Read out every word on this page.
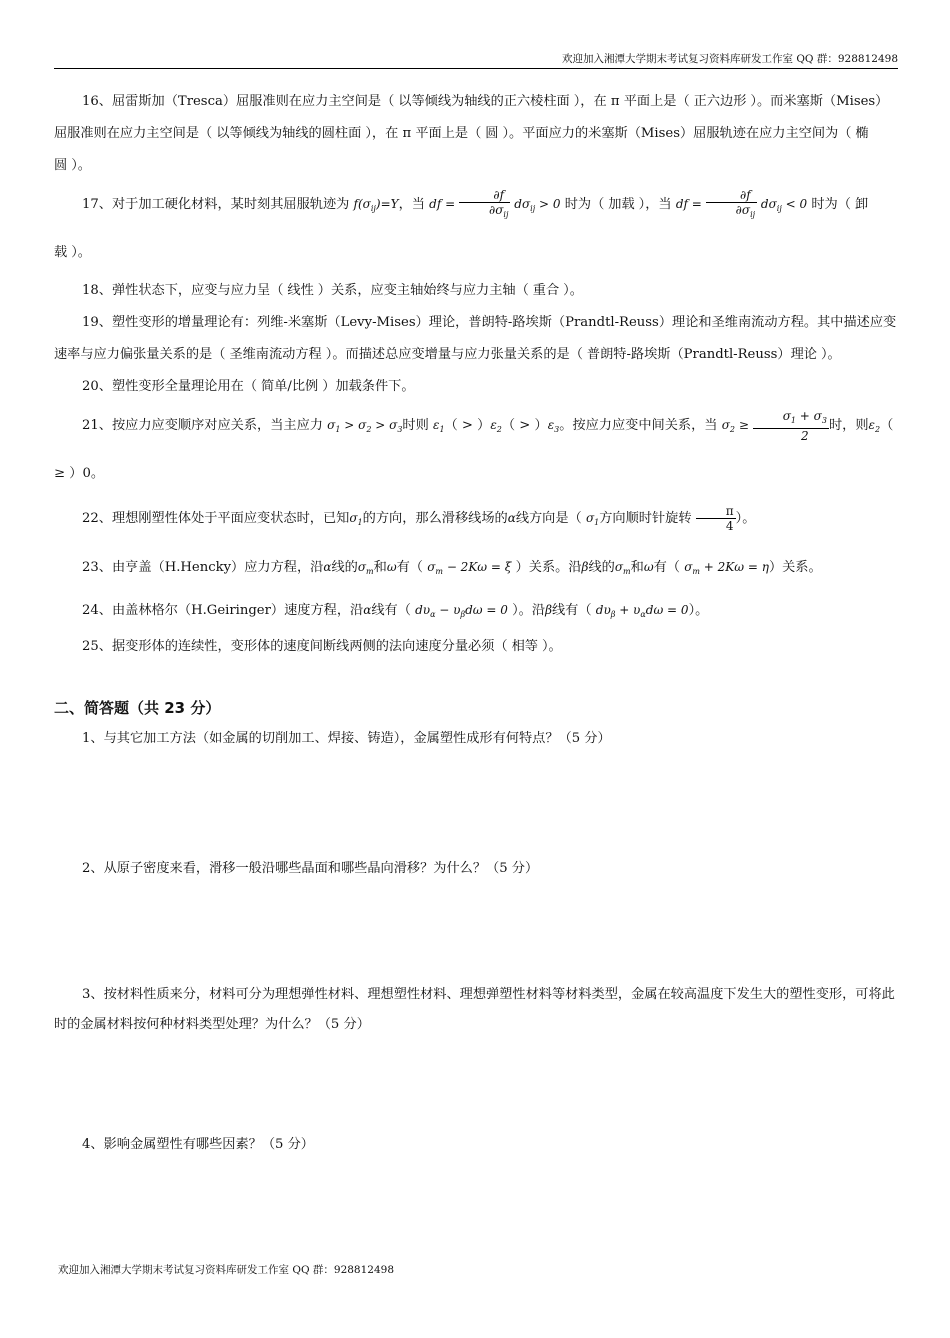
欢迎加入湘潭大学期末考试复习资料库研发工作室 QQ 群：928812498

16、屈雷斯加（Tresca）屈服准则在应力主空间是（ 以等倾线为轴线的正六棱柱面 ），在 π 平面上是（ 正六边形 ）。而米塞斯（Mises）屈服准则在应力主空间是（ 以等倾线为轴线的圆柱面 ），在 π 平面上是（ 圆 ）。平面应力的米塞斯（Mises）屈服轨迹在应力主空间为（ 椭圆 ）。

17、对于加工硬化材料，某时刻其屈服轨迹为 $f(\sigma_{ij})=Y$，当 df = $\frac{\partial f}{\partial\sigma_{ij}} d\sigma_{ij} > 0$ 时为（ 加载 ），当 df = $\frac{\partial f}{\partial\sigma_{ij}} d\sigma_{ij} < 0$ 时为（ 卸载 ）。

18、弹性状态下，应变与应力呈（ 线性 ）关系，应变主轴始终与应力主轴（ 重合 ）。

19、塑性变形的增量理论有：列维-米塞斯（Levy-Mises）理论，普朗特-路埃斯（Prandtl-Reuss）理论和圣维南流动方程。其中描述应变速率与应力偏张量关系的是（ 圣维南流动方程 ）。而描述总应变增量与应力张量关系的是（ 普朗特-路埃斯（Prandtl-Reuss）理论 ）。

20、塑性变形全量理论用在（ 简单/比例 ）加载条件下。

21、按应力应变顺序对应关系，当主应力 $\sigma_1 > \sigma_2 > \sigma_3$时则 $\varepsilon_1( > )\varepsilon_2( > )\varepsilon_3$。按应力应变中间关系，当 $\sigma_2 \ge \frac{\sigma_1 + \sigma_3}{2}$ 时，则$\varepsilon_2( \ge )0$。

22、理想刚塑性体处于平面应变状态时，已知$\sigma_1$的方向，那么滑移线场的α线方向是（ $\sigma_1$方向顺时针旋转 $\frac{\pi}{4}$ ）。

23、由亨盖（H.Hencky）应力方程，沿α线的$\sigma_m$和ω有（ $\sigma_m - 2K\omega = \xi$ ）关系。沿β线的$\sigma_m$和ω有（ $\sigma_m + 2K\omega = \eta$）关系。

24、由盖林格尔（H.Geiringer）速度方程，沿α线有（ $d\upsilon_\alpha - \upsilon_\beta d\omega = 0$ ）。沿β线有（ $d\upsilon_\beta + \upsilon_\alpha d\omega = 0$）。

25、据变形体的连续性，变形体的速度间断线两侧的法向速度分量必须（ 相等 ）。

二、简答题（共 23 分）

1、与其它加工方法（如金属的切削加工、焊接、铸造），金属塑性成形有何特点？（5 分）

2、从原子密度来看，滑移一般沿哪些晶面和哪些晶向滑移？为什么？（5 分）

3、按材料性质来分，材料可分为理想弹性材料、理想塑性材料、理想弹塑性材料等材料类型，金属在较高温度下发生大的塑性变形，可将此时的金属材料按何种材料类型处理？为什么？（5 分）

4、影响金属塑性有哪些因素？（5 分）

欢迎加入湘潭大学期末考试复习资料库研发工作室 QQ 群：928812498
